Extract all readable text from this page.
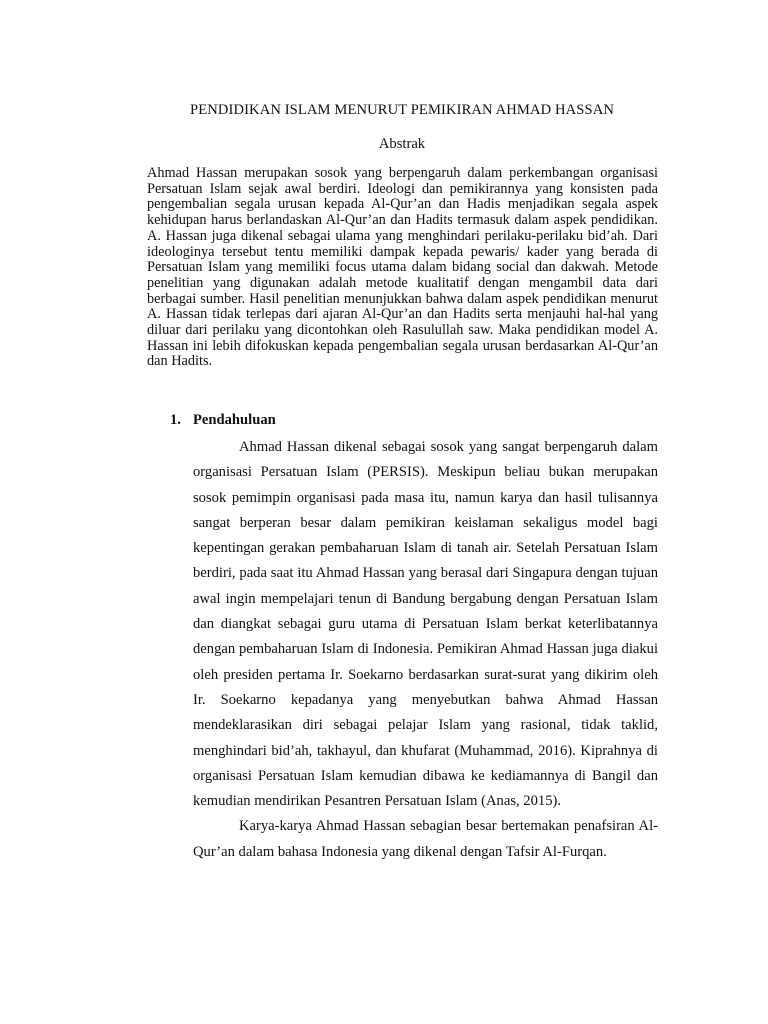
PENDIDIKAN ISLAM MENURUT PEMIKIRAN AHMAD HASSAN
Abstrak
Ahmad Hassan merupakan sosok yang berpengaruh dalam perkembangan organisasi Persatuan Islam sejak awal berdiri. Ideologi dan pemikirannya yang konsisten pada pengembalian segala urusan kepada Al-Qur’an dan Hadis menjadikan segala aspek kehidupan harus berlandaskan Al-Qur’an dan Hadits termasuk dalam aspek pendidikan. A. Hassan juga dikenal sebagai ulama yang menghindari perilaku-perilaku bid’ah. Dari ideologinya tersebut tentu memiliki dampak kepada pewaris/ kader yang berada di Persatuan Islam yang memiliki focus utama dalam bidang social dan dakwah. Metode penelitian yang digunakan adalah metode kualitatif dengan mengambil data dari berbagai sumber. Hasil penelitian menunjukkan bahwa dalam aspek pendidikan menurut A. Hassan tidak terlepas dari ajaran Al-Qur’an dan Hadits serta menjauhi hal-hal yang diluar dari perilaku yang dicontohkan oleh Rasulullah saw. Maka pendidikan model A. Hassan ini lebih difokuskan kepada pengembalian segala urusan berdasarkan Al-Qur’an dan Hadits.
1. Pendahuluan

Ahmad Hassan dikenal sebagai sosok yang sangat berpengaruh dalam organisasi Persatuan Islam (PERSIS). Meskipun beliau bukan merupakan sosok pemimpin organisasi pada masa itu, namun karya dan hasil tulisannya sangat berperan besar dalam pemikiran keislaman sekaligus model bagi kepentingan gerakan pembaharuan Islam di tanah air. Setelah Persatuan Islam berdiri, pada saat itu Ahmad Hassan yang berasal dari Singapura dengan tujuan awal ingin mempelajari tenun di Bandung bergabung dengan Persatuan Islam dan diangkat sebagai guru utama di Persatuan Islam berkat keterlibatannya dengan pembaharuan Islam di Indonesia. Pemikiran Ahmad Hassan juga diakui oleh presiden pertama Ir. Soekarno berdasarkan surat-surat yang dikirim oleh Ir. Soekarno kepadanya yang menyebutkan bahwa Ahmad Hassan mendeklarasikan diri sebagai pelajar Islam yang rasional, tidak taklid, menghindari bid’ah, takhayul, dan khufarat (Muhammad, 2016). Kiprahnya di organisasi Persatuan Islam kemudian dibawa ke kediamannya di Bangil dan kemudian mendirikan Pesantren Persatuan Islam (Anas, 2015).

Karya-karya Ahmad Hassan sebagian besar bertemakan penafsiran Al-Qur’an dalam bahasa Indonesia yang dikenal dengan Tafsir Al-Furqan.
